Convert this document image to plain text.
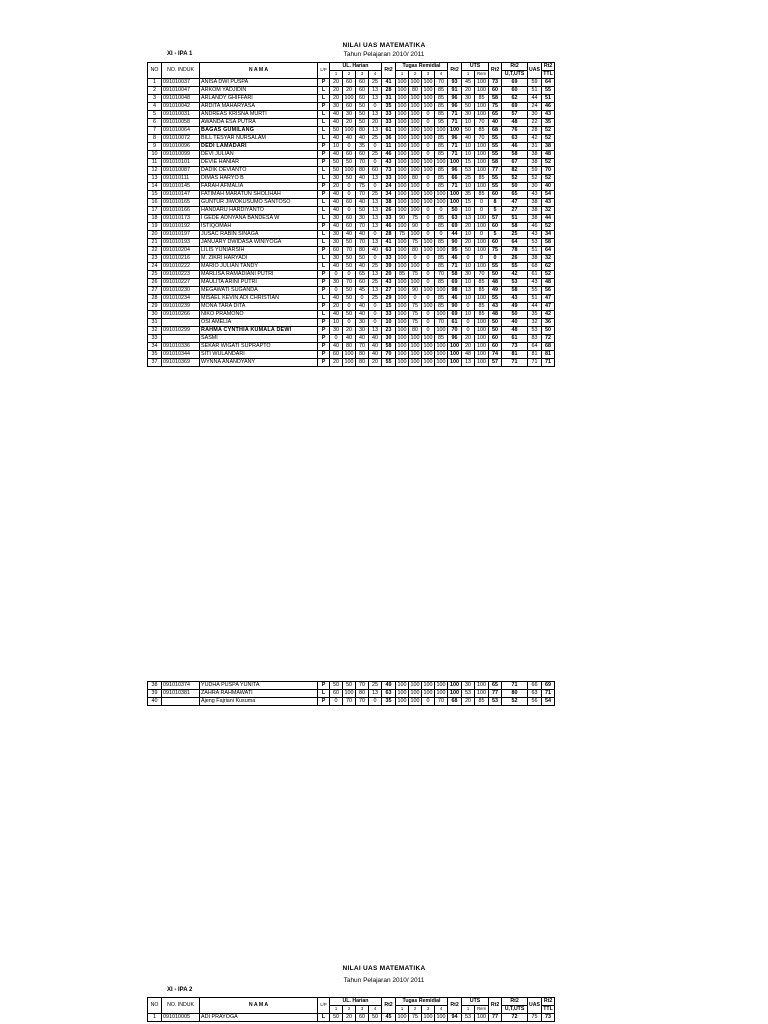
NILAI UAS MATEMATIKA
Tahun Pelajaran 2010/ 2011
XI - IPA 1
NO	NO. INDUK	N A M A	L/P	UL. Harian				Rt2	Tugas Remidial				Rt2	UTS		Rt2	Rt2	UAS	Rt2
				1	2	3	4		1	2	3	4		1	Rem		U,T,UTS		TTL
1	091010037	ANISA DWI PUSPA	P	20	60	60	25	41	100	100	100	70	93	45	100	73	69	59	64
2	091010047	ARKOM YADJIDIN	L	20	20	60	13	28	100	80	100	85	91	20	100	60	60	51	55
3	091010048	ARLANDY GHIFFARI	L	20	100	60	13	31	100	100	100	85	96	30	85	58	62	44	51
4	091010042	ARDITA MAHARYASA	P	30	60	50	0	35	100	100	100	85	96	50	100	75	69	24	46
5	091010031	ANDREAS KRISNA MURTI	L	40	30	50	13	33	100	100	0	85	71	30	100	65	57	30	43
6	091010058	AWANDA ESA PUTRA	L	40	20	50	20	33	100	100	0	95	71	10	70	40	48	22	35
7	091010064	BAGAS GUMILANG	L	50	100	80	13	61	100	100	100	100	100	50	85	68	76	28	52
8	091010072	BILL TESYAR NURSALAM	L	40	40	40	25	36	100	100	100	85	96	40	70	55	63	42	52
9	091010096	DEDI LAMADARI	P	10	0	35	0	11	100	100	0	85	71	10	100	55	46	31	38
10	091010099	DEVI JULIAN	P	40	60	60	25	46	100	100	0	85	71	10	100	55	58	38	48
11	091010101	DEVIE HANIAR	P	50	50	70	0	43	100	100	100	100	100	15	100	58	67	38	52
12	091010087	DADIK DEVIANTO	L	50	100	80	60	73	100	100	100	85	96	53	100	77	82	59	70
13	091010111	DIMAS HARYO B	L	30	50	40	13	33	100	80	0	85	66	25	85	55	52	52	52
14	091010145	FARAH AFMALIA	P	20	0	75	0	24	100	100	0	85	71	10	100	55	50	30	40
15	091010147	FATIMAH MARATUN SHOLIHAH	P	40	0	70	25	34	100	100	100	100	100	35	85	60	65	43	54
16	091010165	GUNTUR JIWOKUSUMO SANTOSO	L	40	60	40	13	38	100	100	100	100	100	15	0	8	47	38	43
17	091010166	HANDARU HARDIYANTO	L	40	0	50	13	26	100	100	0	0	50	10	0	5	27	38	32
18	091010173	I GEDE ADNYANA BANDESA W	L	30	60	30	13	33	90	75	0	85	63	13	100	57	51	38	44
19	091010192	ISTIQOMAH	P	40	60	70	13	46	100	90	0	85	69	20	100	60	58	46	52
20	091010197	JUSAC RABIN SINAGA	L	30	40	40	0	28	75	100	0	0	44	10	0	5	25	43	34
21	091010193	JANUARY DWIDASA WINIYOGA	L	30	50	70	13	41	100	75	100	85	90	20	100	60	64	53	58
22	091010204	LILIS YUNIARSIH	P	60	70	80	40	63	100	80	100	100	95	50	100	75	78	51	64
23	091010216	M. ZIKRI HARYADI	L	30	50	50	0	33	100	0	0	85	46	0	0	0	26	38	32
24	091010222	MARIO JULIAN TANDY	L	40	50	40	25	39	100	100	0	85	71	10	100	55	55	68	62
25	091010223	MARLISA RAMADIANI PUTRI	P	0	0	65	13	20	85	75	0	70	58	30	70	50	42	61	52
26	091010227	MAULITA ARINI PUTRI	P	30	70	60	25	43	100	100	0	85	69	10	85	48	53	43	48
27	091010230	MEGAWATI SUGANDA	P	0	50	45	13	27	100	90	100	100	98	13	85	49	58	55	56
28	091010234	MISAEL KEVIN ADI CHRISTIAN	L	40	50	0	25	29	100	0	0	85	46	10	100	55	43	51	47
29	091010239	MONA TARA DITA	P	20	0	40	0	15	100	75	100	85	90	0	85	43	49	44	47
30	091010266	NIKO PRAMONO	L	40	50	40	0	33	100	75	0	100	69	10	85	48	50	35	42
31		OSI AMELIA	P	10	0	30	0	10	100	75	0	70	61	0	100	50	40	32	36
32	091010299	RAHMA CYNTHIA KUMALA DEWI	P	30	20	30	13	23	100	80	0	100	70	0	100	50	48	53	50
33		SASMI	P	0	40	40	40	30	100	100	100	85	96	20	100	60	61	83	72
34	091010336	SEKAR WIGATI SUPRAPTO	P	40	80	70	40	58	100	100	100	100	100	20	100	60	73	64	68
35	091010344	SITI WULANDARI	P	60	100	80	40	70	100	100	100	100	100	48	100	74	81	81	81
37	091010369	WYNNA ANANDYANY	P	20	100	80	20	55	100	100	100	100	100	13	100	57	71	71	71
38	091010374	YUDHA PUSPA YUNITA	P	50	50	70	25	49	100	100	100	100	100	30	100	65	71	66	69
39	091010381	ZAHRA RAHMAWATI	L	60	100	80	13	63	100	100	100	100	100	53	100	77	80	63	71
40		Ajeng Fajriani Kusuma	P	0	70	70	0	35	100	100	0	70	68	20	85	53	52	56	54
NILAI UAS MATEMATIKA
Tahun Pelajaran 2010/ 2011
XI - IPA 2
NO	NO. INDUK	N A M A	L/P	UL. Harian				Rt2	Tugas Remidial				Rt2	UTS		Rt2	Rt2	UAS	Rt2
				1	2	3	4		1	2	3	4		1	Rem		U,T,UTS		TTL
1	091010005	ADI PRAYOGA	L	50	20	60	50	45	100	75	100	100	94	53	100	77	72	75	73
